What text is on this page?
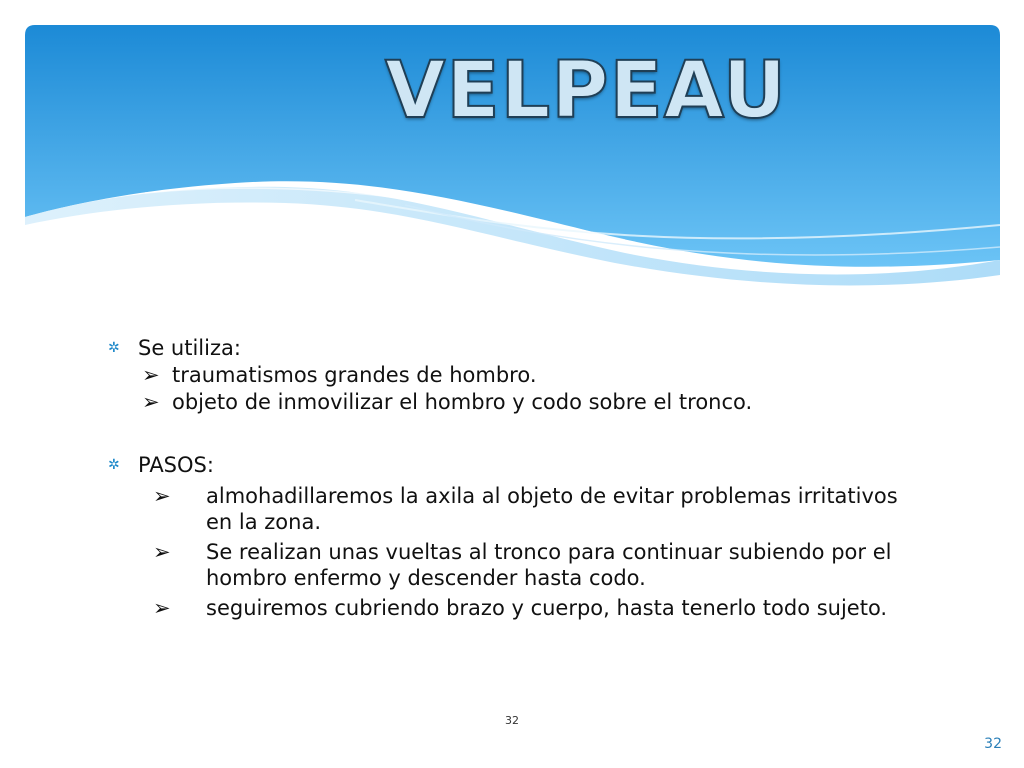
VELPEAU

✲ Se utiliza:

➢ traumatismos grandes de hombro.

➢ objeto de inmovilizar el hombro y codo sobre el tronco.

✲ PASOS:

➢ almohadillaremos la axila al objeto de evitar problemas irritativos en la zona.

➢ Se realizan unas vueltas al tronco para continuar subiendo por el hombro enfermo y descender hasta codo.

➢ seguiremos cubriendo brazo y cuerpo, hasta tenerlo todo sujeto.

32
32
